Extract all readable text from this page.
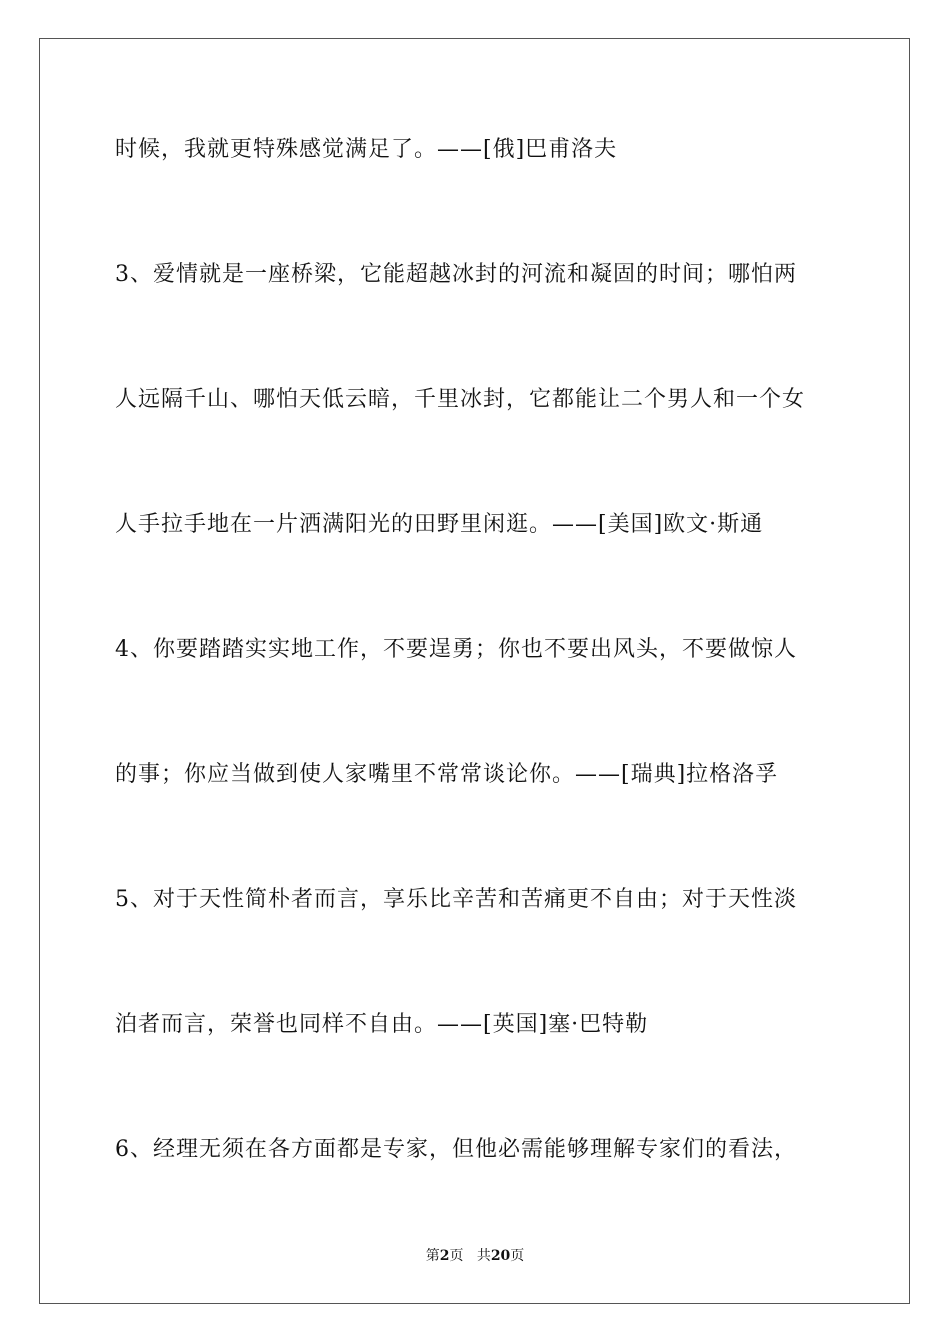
时候，我就更特殊感觉满足了。——[俄]巴甫洛夫
3、爱情就是一座桥梁，它能超越冰封的河流和凝固的时间；哪怕两
人远隔千山、哪怕天低云暗，千里冰封，它都能让二个男人和一个女
人手拉手地在一片洒满阳光的田野里闲逛。——[美国]欧文·斯通
4、你要踏踏实实地工作，不要逞勇；你也不要出风头，不要做惊人
的事；你应当做到使人家嘴里不常常谈论你。——[瑞典]拉格洛孚
5、对于天性简朴者而言，享乐比辛苦和苦痛更不自由；对于天性淡
泊者而言，荣誉也同样不自由。——[英国]塞·巴特勒
6、经理无须在各方面都是专家，但他必需能够理解专家们的看法，
第2页 共20页
